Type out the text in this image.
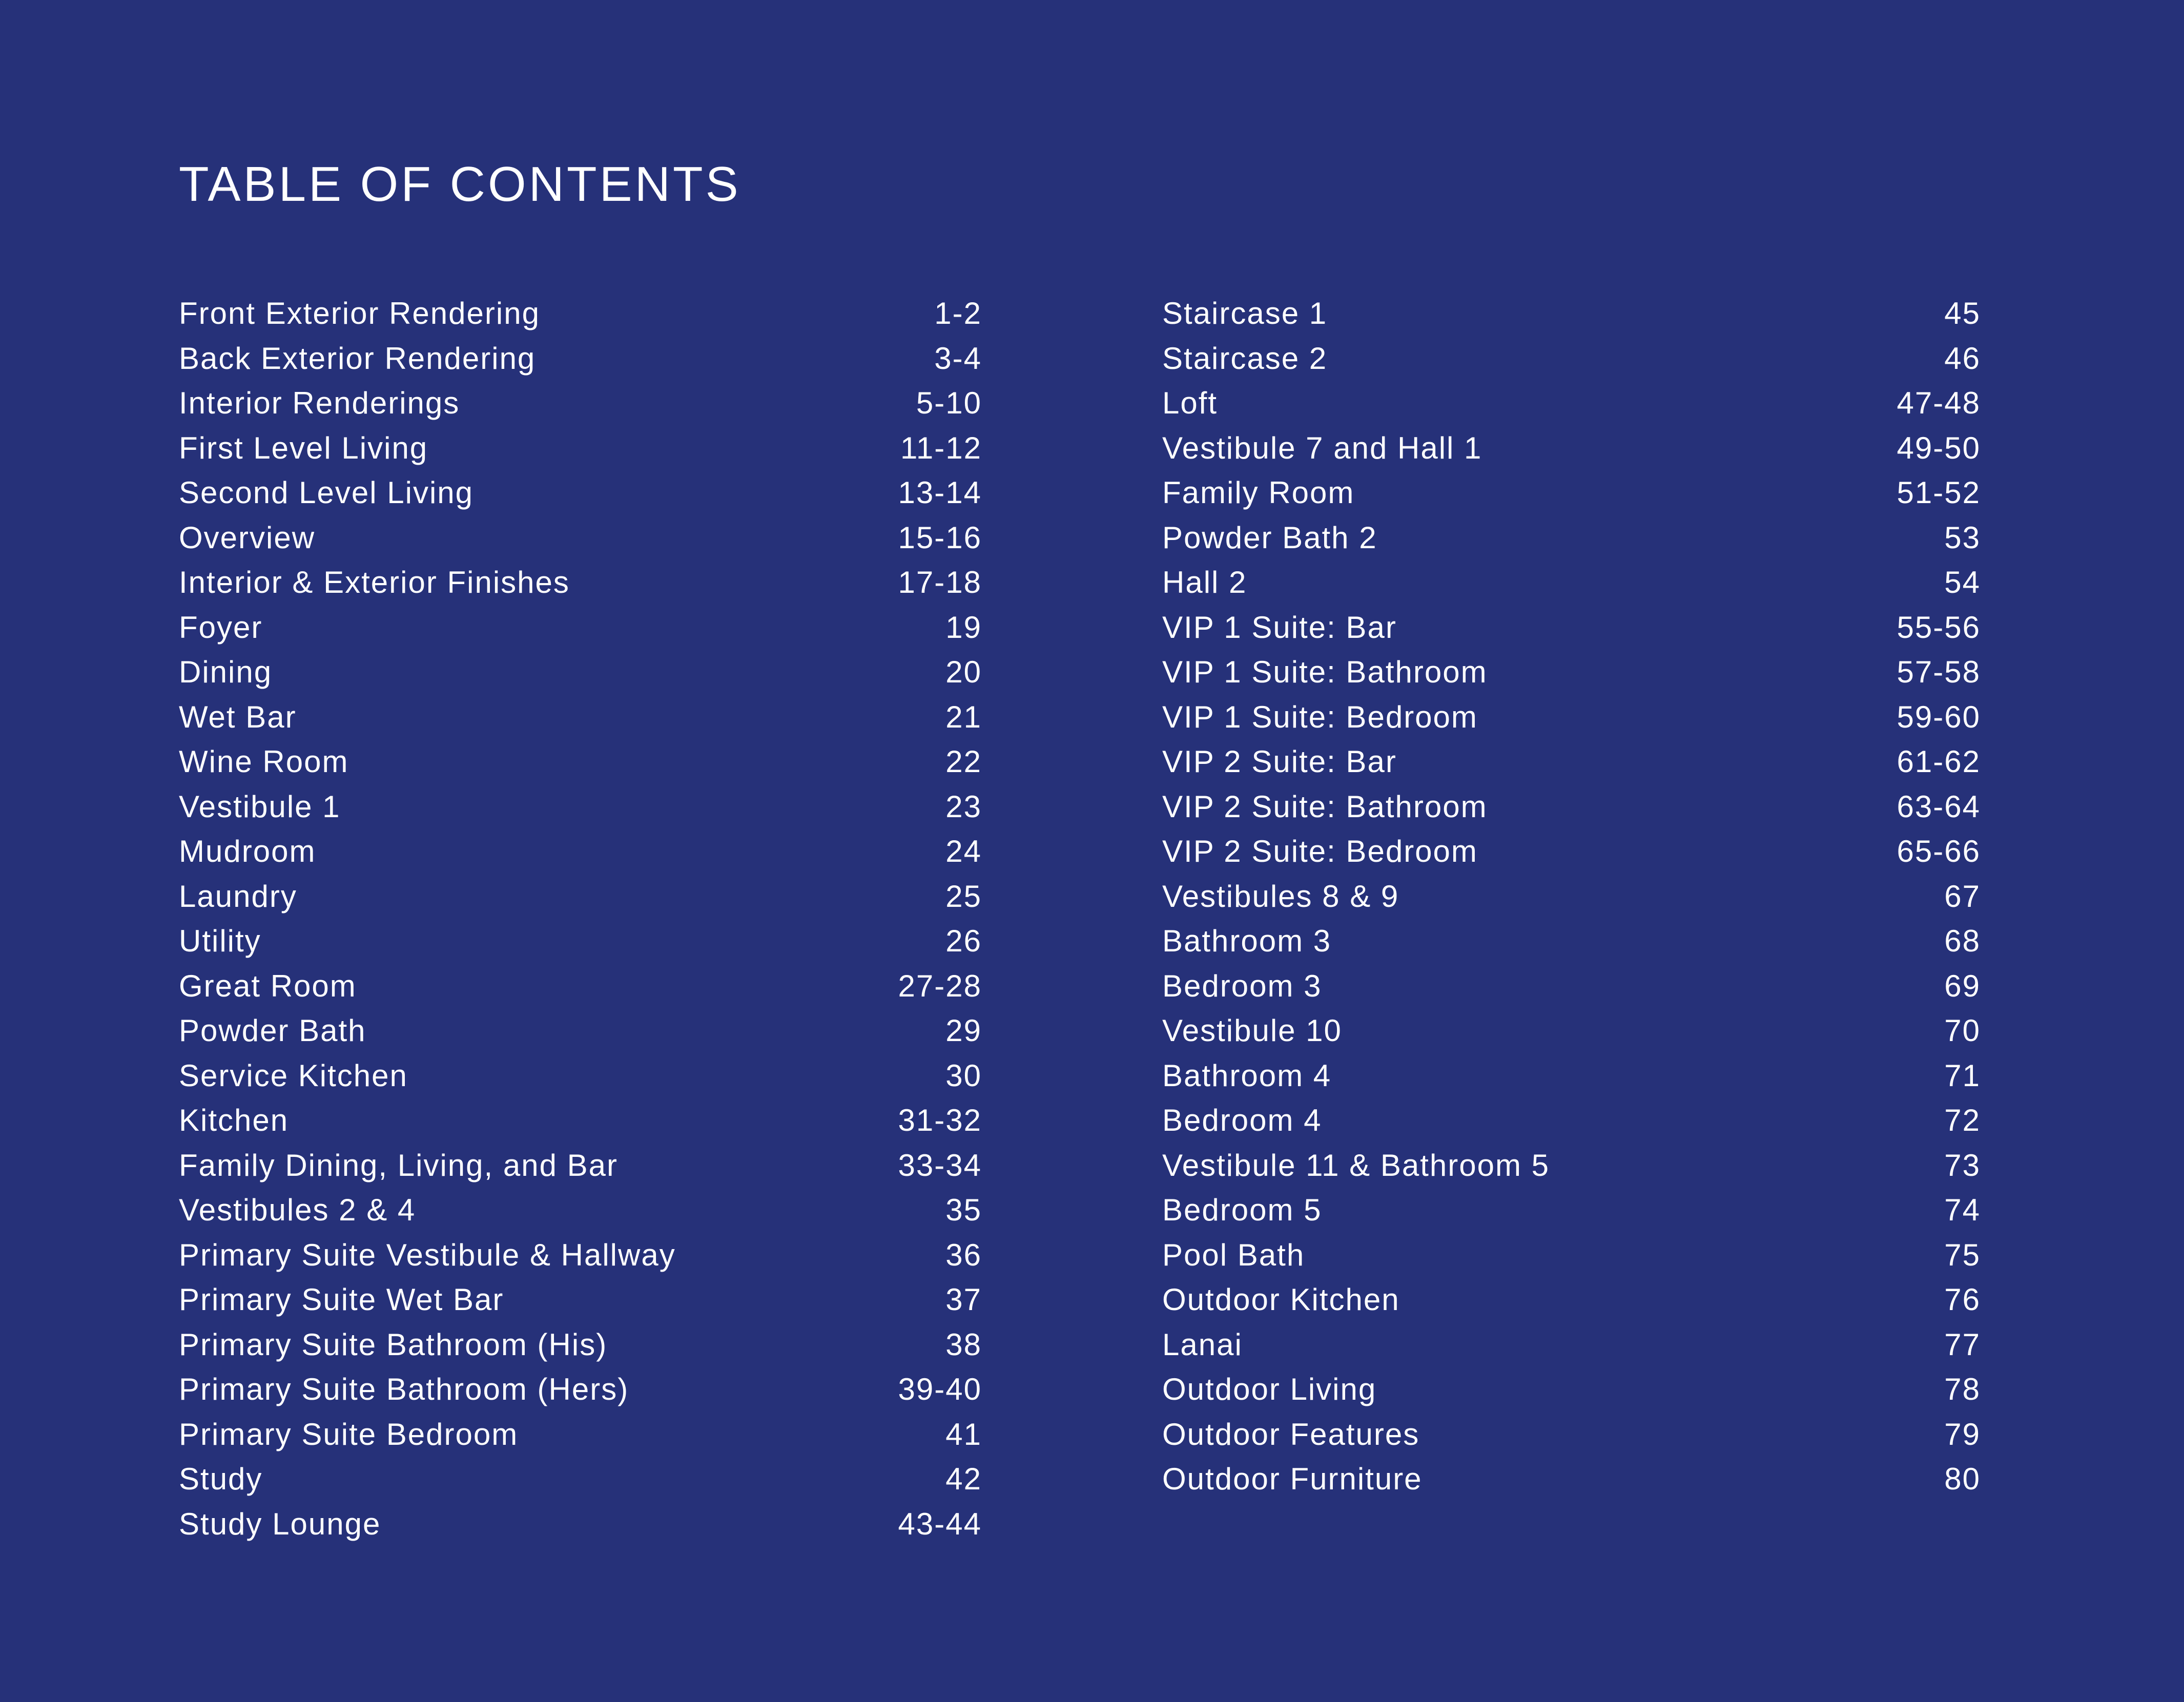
TABLE OF CONTENTS
Front Exterior Rendering	1-2
Back Exterior Rendering	3-4
Interior Renderings	5-10
First Level Living	11-12
Second Level Living	13-14
Overview	15-16
Interior & Exterior Finishes	17-18
Foyer	19
Dining	20
Wet Bar	21
Wine Room	22
Vestibule 1	23
Mudroom	24
Laundry	25
Utility	26
Great Room	27-28
Powder Bath	29
Service Kitchen	30
Kitchen	31-32
Family Dining, Living, and Bar	33-34
Vestibules 2 & 4	35
Primary Suite Vestibule & Hallway	36
Primary Suite Wet Bar	37
Primary Suite Bathroom (His)	38
Primary Suite Bathroom (Hers)	39-40
Primary Suite Bedroom	41
Study	42
Study Lounge	43-44
Staircase 1	45
Staircase 2	46
Loft	47-48
Vestibule 7 and Hall 1	49-50
Family Room	51-52
Powder Bath 2	53
Hall 2	54
VIP 1 Suite: Bar	55-56
VIP 1 Suite: Bathroom	57-58
VIP 1 Suite: Bedroom	59-60
VIP 2 Suite: Bar	61-62
VIP 2 Suite: Bathroom	63-64
VIP 2 Suite: Bedroom	65-66
Vestibules 8 & 9	67
Bathroom 3	68
Bedroom 3	69
Vestibule 10	70
Bathroom 4	71
Bedroom 4	72
Vestibule 11 & Bathroom 5	73
Bedroom 5	74
Pool Bath	75
Outdoor Kitchen	76
Lanai	77
Outdoor Living	78
Outdoor Features	79
Outdoor Furniture	80
